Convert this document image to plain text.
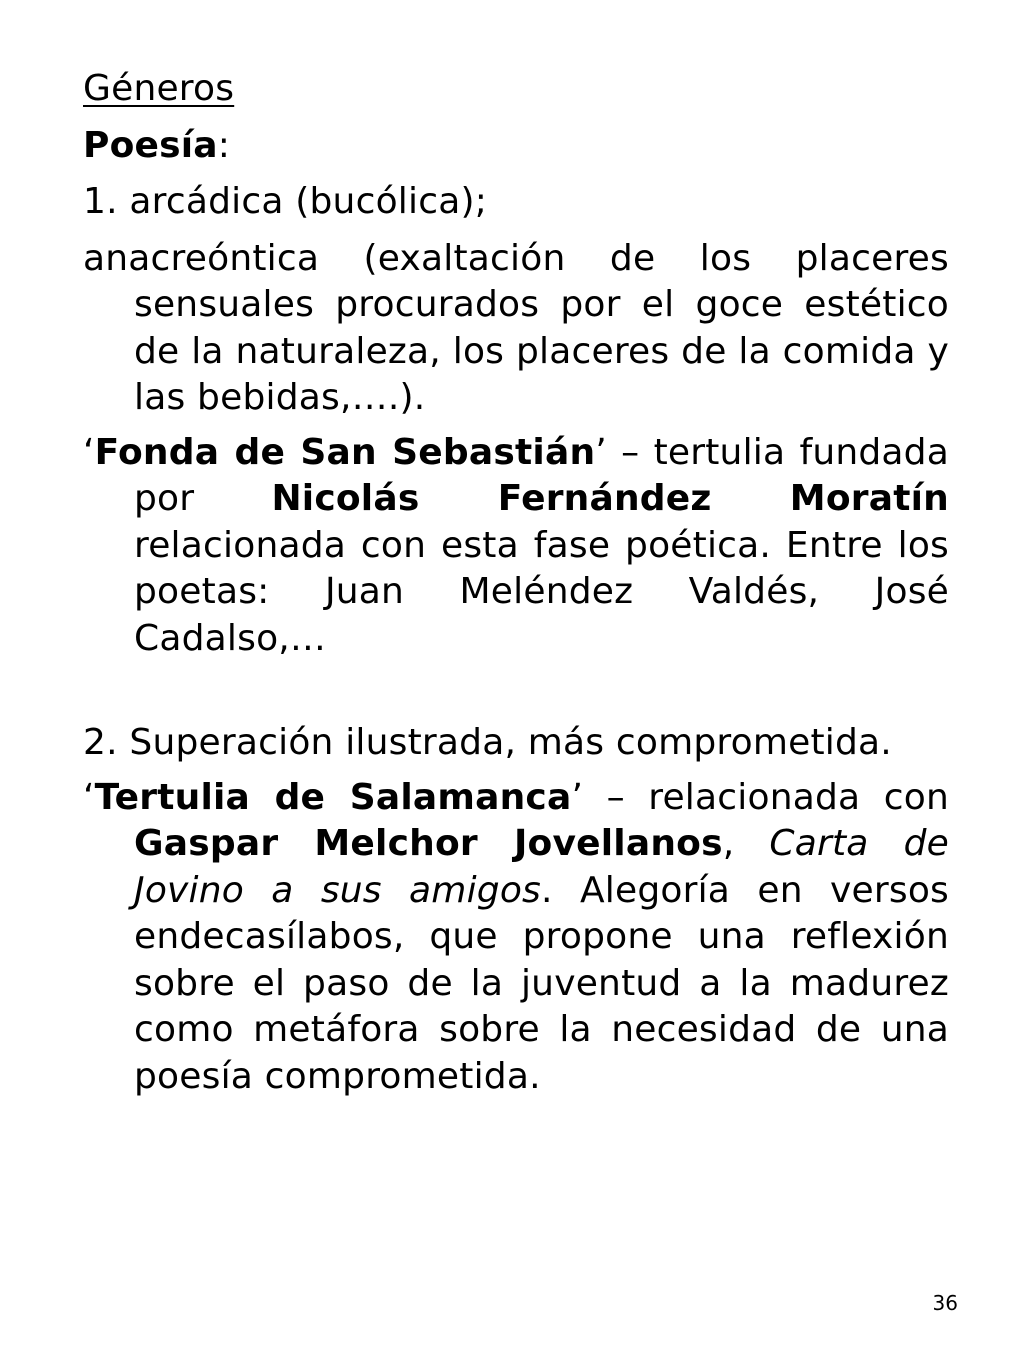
Géneros

Poesía:

1. arcádica (bucólica);

anacreóntica (exaltación de los placeres sensuales procurados por el goce estético de la naturaleza, los placeres de la comida y las bebidas,….).

‘Fonda de San Sebastián’ – tertulia fundada por Nicolás Fernández Moratín relacionada con esta fase poética. Entre los poetas: Juan Meléndez Valdés, José Cadalso,…

2. Superación ilustrada, más comprometida.

‘Tertulia de Salamanca’ – relacionada con Gaspar Melchor Jovellanos, Carta de Jovino a sus amigos. Alegoría en versos endecasílabos, que propone una reflexión sobre el paso de la juventud a la madurez como metáfora sobre la necesidad de una poesía comprometida.

36
